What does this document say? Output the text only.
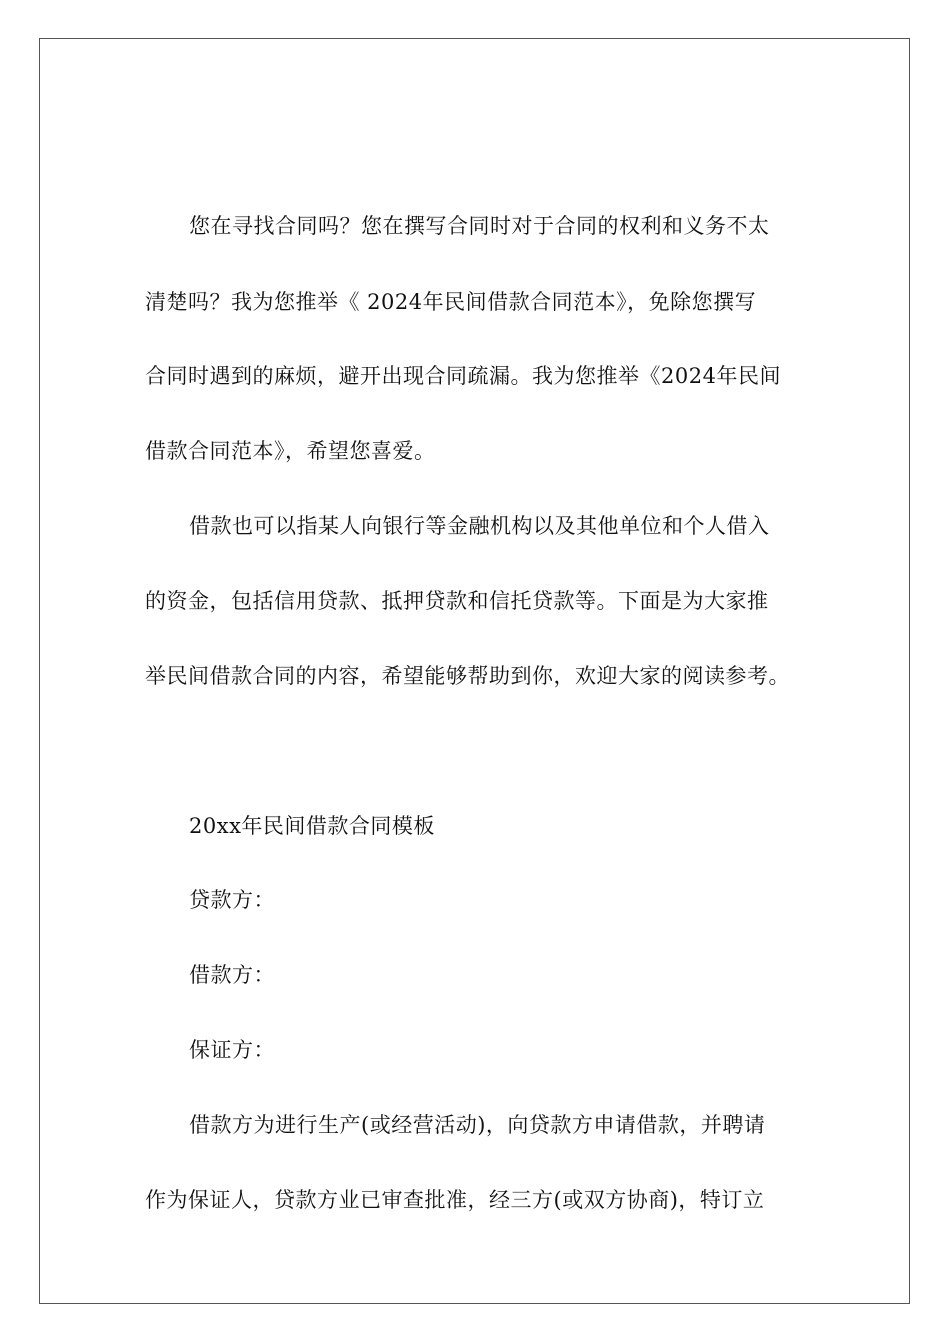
您在寻找合同吗？您在撰写合同时对于合同的权利和义务不太
清楚吗？我为您推举《 2024年民间借款合同范本》，免除您撰写
合同时遇到的麻烦，避开出现合同疏漏。我为您推举《2024年民间
借款合同范本》，希望您喜爱。
借款也可以指某人向银行等金融机构以及其他单位和个人借入
的资金，包括信用贷款、抵押贷款和信托贷款等。下面是为大家推
举民间借款合同的内容，希望能够帮助到你，欢迎大家的阅读参考。
20xx年民间借款合同模板
贷款方：
借款方：
保证方：
借款方为进行生产(或经营活动)，向贷款方申请借款，并聘请
作为保证人，贷款方业已审查批准，经三方(或双方协商)，特订立
